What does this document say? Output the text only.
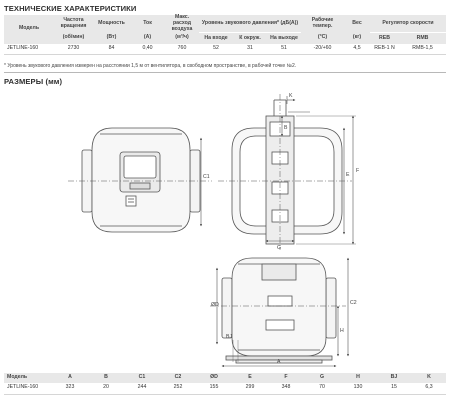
ТЕХНИЧЕСКИЕ ХАРАКТЕРИСТИКИ
Модель	Частота вращения	Мощность	Ток	Макс. расход воздуха	Уровень звукового давления* (дБ(А))			Рабочие темпер.	Вес	Регулятор скорости	
	(об/мин)	(Вт)	(А)	(м³/ч)	На входе	К окруж.	На выходе	(°С)	(кг)	REB	RMB
JETLINE-160	2730	84	0,40	760	52	31	51	-20/+60	4,5	REB-1 N	RMB-1,5
* Уровень звукового давления измерен на расстоянии 1,5 м от вентилятора, в свободном пространстве, в рабочей точке №2.
РАЗМЕРЫ (мм)
C1
K
B
G
E
F
ØD	C2
H
A
BJ
Модель	A	B	C1	C2	ØD	E	F	G	H	BJ	K
JETLINE-160	323	20	244	252	155	299	348	70	130	15	6,3
